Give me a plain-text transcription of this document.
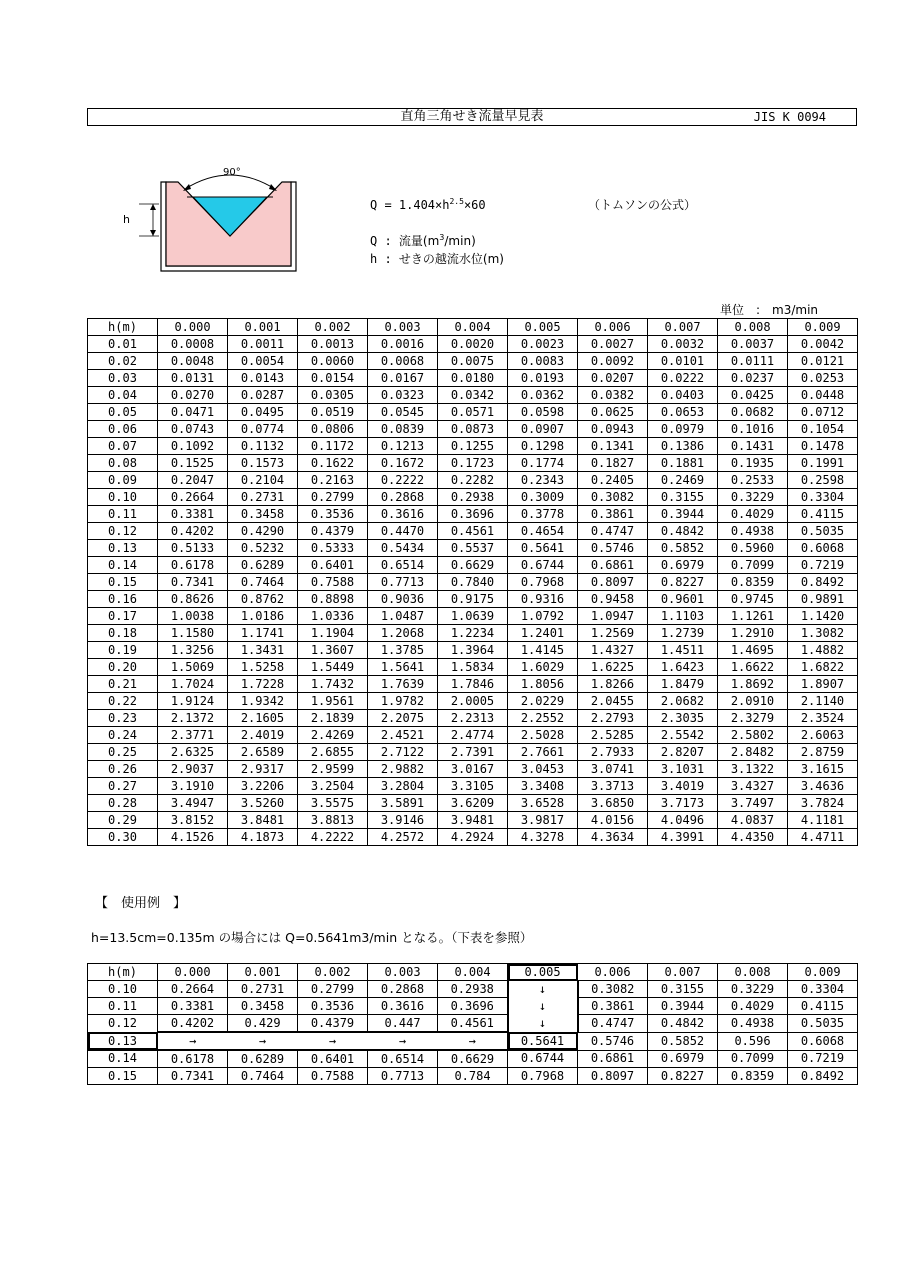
直角三角せき流量早見表	JIS K 0094
90°
h
$Q = 1.404\times h^{2.5}\times 60$	（トムソンの公式）
Q : 流量$(m^3/\min)$
h : せきの越流水位(m)
単位　:　m3/min
h(m)	0.000	0.001	0.002	0.003	0.004	0.005	0.006	0.007	0.008	0.009
0.01	0.0008	0.0011	0.0013	0.0016	0.0020	0.0023	0.0027	0.0032	0.0037	0.0042
0.02	0.0048	0.0054	0.0060	0.0068	0.0075	0.0083	0.0092	0.0101	0.0111	0.0121
0.03	0.0131	0.0143	0.0154	0.0167	0.0180	0.0193	0.0207	0.0222	0.0237	0.0253
0.04	0.0270	0.0287	0.0305	0.0323	0.0342	0.0362	0.0382	0.0403	0.0425	0.0448
0.05	0.0471	0.0495	0.0519	0.0545	0.0571	0.0598	0.0625	0.0653	0.0682	0.0712
0.06	0.0743	0.0774	0.0806	0.0839	0.0873	0.0907	0.0943	0.0979	0.1016	0.1054
0.07	0.1092	0.1132	0.1172	0.1213	0.1255	0.1298	0.1341	0.1386	0.1431	0.1478
0.08	0.1525	0.1573	0.1622	0.1672	0.1723	0.1774	0.1827	0.1881	0.1935	0.1991
0.09	0.2047	0.2104	0.2163	0.2222	0.2282	0.2343	0.2405	0.2469	0.2533	0.2598
0.10	0.2664	0.2731	0.2799	0.2868	0.2938	0.3009	0.3082	0.3155	0.3229	0.3304
0.11	0.3381	0.3458	0.3536	0.3616	0.3696	0.3778	0.3861	0.3944	0.4029	0.4115
0.12	0.4202	0.4290	0.4379	0.4470	0.4561	0.4654	0.4747	0.4842	0.4938	0.5035
0.13	0.5133	0.5232	0.5333	0.5434	0.5537	0.5641	0.5746	0.5852	0.5960	0.6068
0.14	0.6178	0.6289	0.6401	0.6514	0.6629	0.6744	0.6861	0.6979	0.7099	0.7219
0.15	0.7341	0.7464	0.7588	0.7713	0.7840	0.7968	0.8097	0.8227	0.8359	0.8492
0.16	0.8626	0.8762	0.8898	0.9036	0.9175	0.9316	0.9458	0.9601	0.9745	0.9891
0.17	1.0038	1.0186	1.0336	1.0487	1.0639	1.0792	1.0947	1.1103	1.1261	1.1420
0.18	1.1580	1.1741	1.1904	1.2068	1.2234	1.2401	1.2569	1.2739	1.2910	1.3082
0.19	1.3256	1.3431	1.3607	1.3785	1.3964	1.4145	1.4327	1.4511	1.4695	1.4882
0.20	1.5069	1.5258	1.5449	1.5641	1.5834	1.6029	1.6225	1.6423	1.6622	1.6822
0.21	1.7024	1.7228	1.7432	1.7639	1.7846	1.8056	1.8266	1.8479	1.8692	1.8907
0.22	1.9124	1.9342	1.9561	1.9782	2.0005	2.0229	2.0455	2.0682	2.0910	2.1140
0.23	2.1372	2.1605	2.1839	2.2075	2.2313	2.2552	2.2793	2.3035	2.3279	2.3524
0.24	2.3771	2.4019	2.4269	2.4521	2.4774	2.5028	2.5285	2.5542	2.5802	2.6063
0.25	2.6325	2.6589	2.6855	2.7122	2.7391	2.7661	2.7933	2.8207	2.8482	2.8759
0.26	2.9037	2.9317	2.9599	2.9882	3.0167	3.0453	3.0741	3.1031	3.1322	3.1615
0.27	3.1910	3.2206	3.2504	3.2804	3.3105	3.3408	3.3713	3.4019	3.4327	3.4636
0.28	3.4947	3.5260	3.5575	3.5891	3.6209	3.6528	3.6850	3.7173	3.7497	3.7824
0.29	3.8152	3.8481	3.8813	3.9146	3.9481	3.9817	4.0156	4.0496	4.0837	4.1181
0.30	4.1526	4.1873	4.2222	4.2572	4.2924	4.3278	4.3634	4.3991	4.4350	4.4711
【　使用例　】
h=13.5cm=0.135m の場合には Q=0.5641m3/min となる。（下表を参照）
h(m)	0.000	0.001	0.002	0.003	0.004	0.005	0.006	0.007	0.008	0.009
0.10	0.2664	0.2731	0.2799	0.2868	0.2938	↓	0.3082	0.3155	0.3229	0.3304
0.11	0.3381	0.3458	0.3536	0.3616	0.3696	↓	0.3861	0.3944	0.4029	0.4115
0.12	0.4202	0.429	0.4379	0.447	0.4561	↓	0.4747	0.4842	0.4938	0.5035
0.13	→	→	→	→	→	0.5641	0.5746	0.5852	0.596	0.6068
0.14	0.6178	0.6289	0.6401	0.6514	0.6629	0.6744	0.6861	0.6979	0.7099	0.7219
0.15	0.7341	0.7464	0.7588	0.7713	0.784	0.7968	0.8097	0.8227	0.8359	0.8492
